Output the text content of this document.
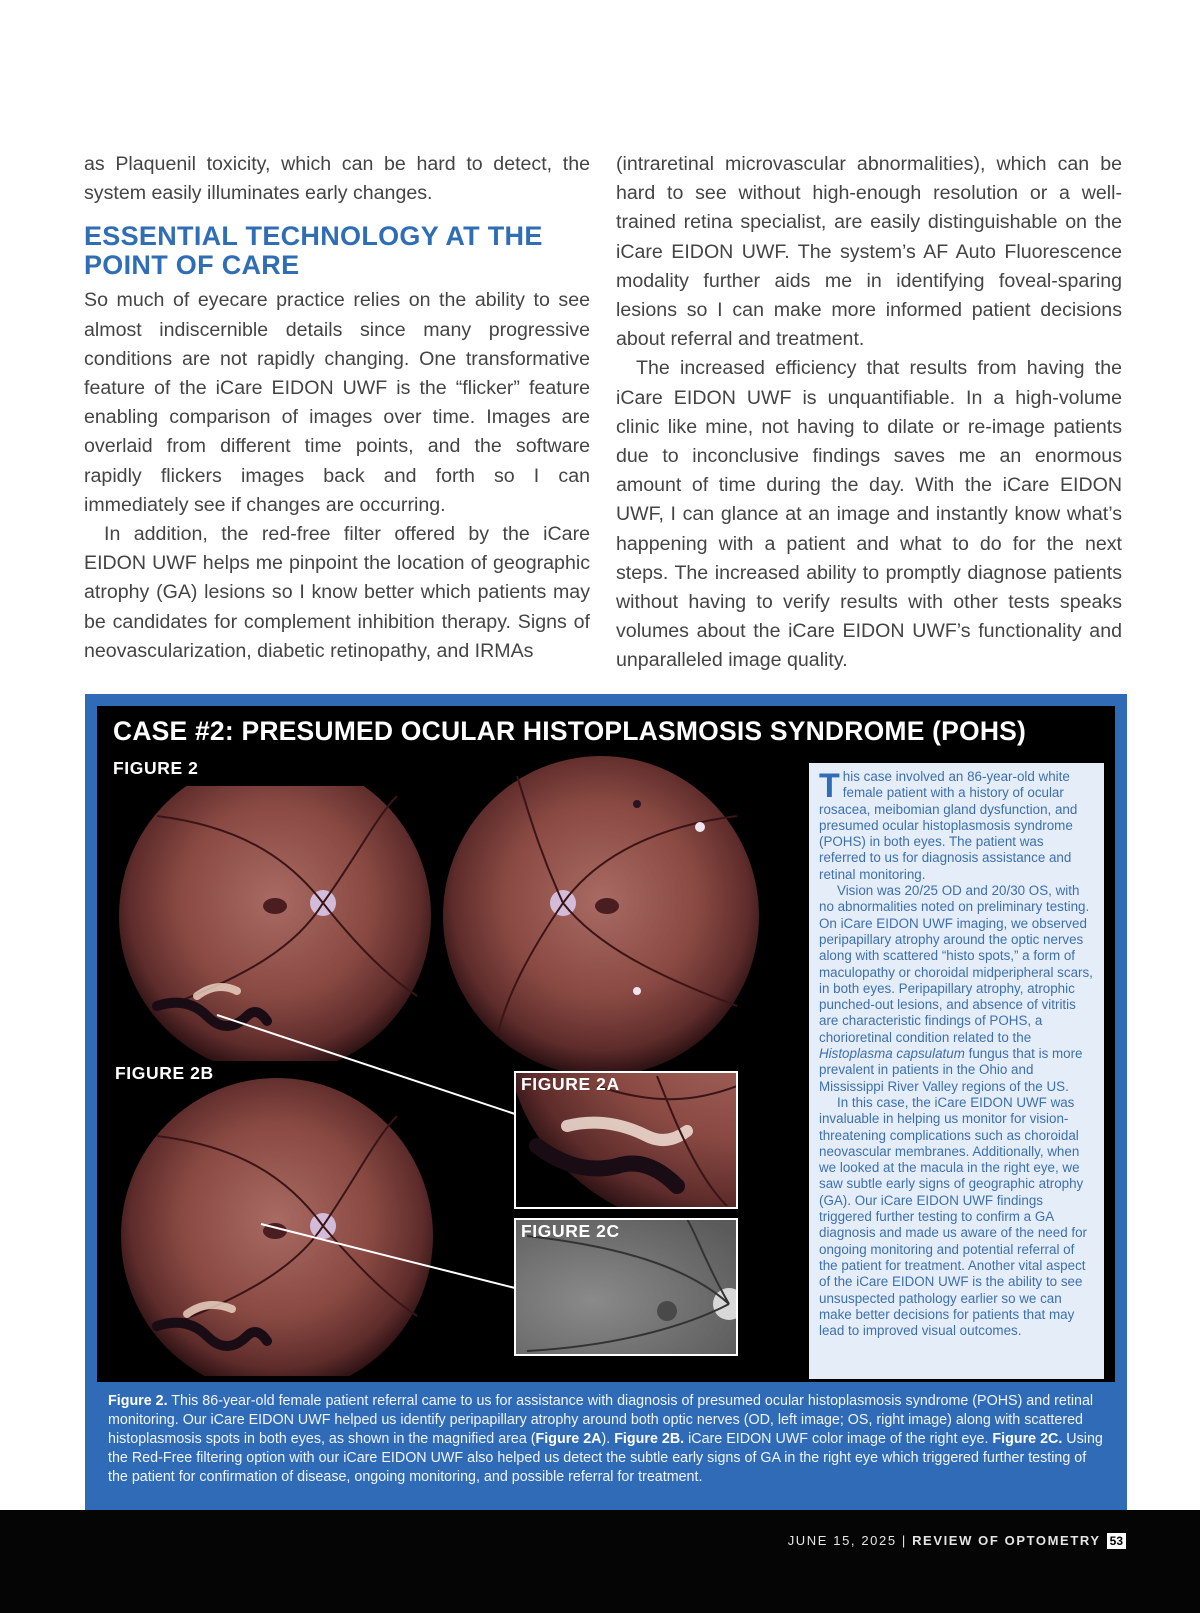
as Plaquenil toxicity, which can be hard to detect, the system easily illuminates early changes.

ESSENTIAL TECHNOLOGY AT THE POINT OF CARE

So much of eyecare practice relies on the ability to see almost indiscernible details since many progressive conditions are not rapidly changing. One transformative feature of the iCare EIDON UWF is the “flicker” feature enabling comparison of images over time. Images are overlaid from different time points, and the software rapidly flickers images back and forth so I can immediately see if changes are occurring.

In addition, the red-free filter offered by the iCare EIDON UWF helps me pinpoint the location of geographic atrophy (GA) lesions so I know better which patients may be candidates for complement inhibition therapy. Signs of neovascularization, diabetic retinopathy, and IRMAs

(intraretinal microvascular abnormalities), which can be hard to see without high-enough resolution or a well-trained retina specialist, are easily distinguishable on the iCare EIDON UWF. The system’s AF Auto Fluorescence modality further aids me in identifying foveal-sparing lesions so I can make more informed patient decisions about referral and treatment.

The increased efficiency that results from having the iCare EIDON UWF is unquantifiable. In a high-volume clinic like mine, not having to dilate or re-image patients due to inconclusive findings saves me an enormous amount of time during the day. With the iCare EIDON UWF, I can glance at an image and instantly know what’s happening with a patient and what to do for the next steps. The increased ability to promptly diagnose patients without having to verify results with other tests speaks volumes about the iCare EIDON UWF’s functionality and unparalleled image quality.

CASE #2: PRESUMED OCULAR HISTOPLASMOSIS SYNDROME (POHS)
FIGURE 2
FIGURE 2B
FIGURE 2A
FIGURE 2C

This case involved an 86-year-old white female patient with a history of ocular rosacea, meibomian gland dysfunction, and presumed ocular histoplasmosis syndrome (POHS) in both eyes. The patient was referred to us for diagnosis assistance and retinal monitoring.

Vision was 20/25 OD and 20/30 OS, with no abnormalities noted on preliminary testing. On iCare EIDON UWF imaging, we observed peripapillary atrophy around the optic nerves along with scattered “histo spots,” a form of maculopathy or choroidal midperipheral scars, in both eyes. Peripapillary atrophy, atrophic punched-out lesions, and absence of vitritis are characteristic findings of POHS, a chorioretinal condition related to the Histoplasma capsulatum fungus that is more prevalent in patients in the Ohio and Mississippi River Valley regions of the US.

In this case, the iCare EIDON UWF was invaluable in helping us monitor for vision-threatening complications such as choroidal neovascular membranes. Additionally, when we looked at the macula in the right eye, we saw subtle early signs of geographic atrophy (GA). Our iCare EIDON UWF findings triggered further testing to confirm a GA diagnosis and made us aware of the need for ongoing monitoring and potential referral of the patient for treatment. Another vital aspect of the iCare EIDON UWF is the ability to see unsuspected pathology earlier so we can make better decisions for patients that may lead to improved visual outcomes.

Figure 2. This 86-year-old female patient referral came to us for assistance with diagnosis of presumed ocular histoplasmosis syndrome (POHS) and retinal monitoring. Our iCare EIDON UWF helped us identify peripapillary atrophy around both optic nerves (OD, left image; OS, right image) along with scattered histoplasmosis spots in both eyes, as shown in the magnified area (Figure 2A). Figure 2B. iCare EIDON UWF color image of the right eye. Figure 2C. Using the Red-Free filtering option with our iCare EIDON UWF also helped us detect the subtle early signs of GA in the right eye which triggered further testing of the patient for confirmation of disease, ongoing monitoring, and possible referral for treatment.
JUNE 15, 2025 | REVIEW OF OPTOMETRY 53
